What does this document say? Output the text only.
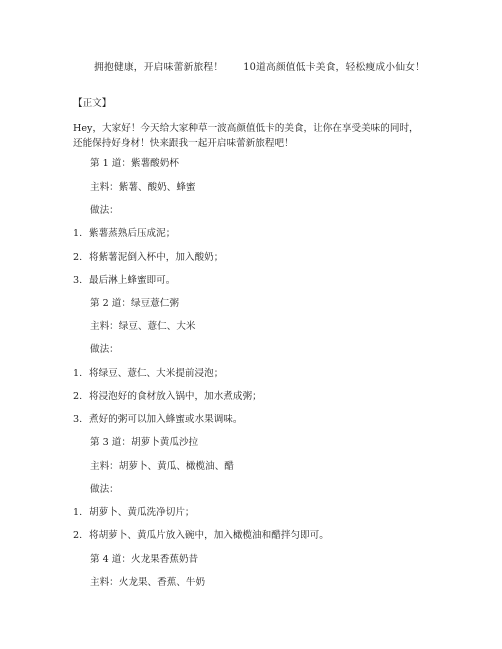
拥抱健康，开启味蕾新旅程！　　10道高颜值低卡美食，轻松瘦成小仙女！
【正文】
Hey，大家好！今天给大家种草一波高颜值低卡的美食，让你在享受美味的同时，
还能保持好身材！快来跟我一起开启味蕾新旅程吧！
第 1 道：紫薯酸奶杯
主料：紫薯、酸奶、蜂蜜
做法：
1. 紫薯蒸熟后压成泥；
2. 将紫薯泥倒入杯中，加入酸奶；
3. 最后淋上蜂蜜即可。
第 2 道：绿豆薏仁粥
主料：绿豆、薏仁、大米
做法：
1. 将绿豆、薏仁、大米提前浸泡；
2. 将浸泡好的食材放入锅中，加水煮成粥；
3. 煮好的粥可以加入蜂蜜或水果调味。
第 3 道：胡萝卜黄瓜沙拉
主料：胡萝卜、黄瓜、橄榄油、醋
做法：
1. 胡萝卜、黄瓜洗净切片；
2. 将胡萝卜、黄瓜片放入碗中，加入橄榄油和醋拌匀即可。
第 4 道：火龙果香蕉奶昔
主料：火龙果、香蕉、牛奶
